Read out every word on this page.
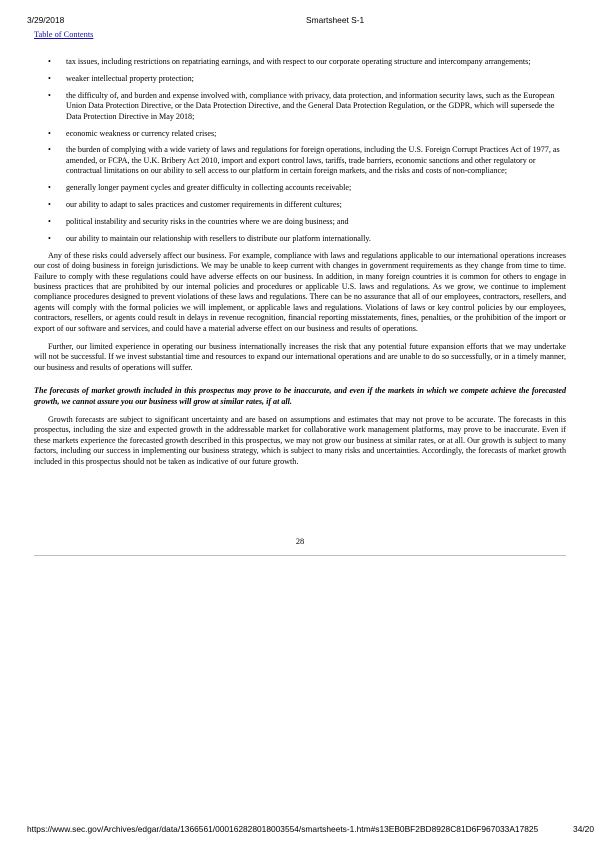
3/29/2018	Smartsheet S-1
Table of Contents
• tax issues, including restrictions on repatriating earnings, and with respect to our corporate operating structure and intercompany arrangements;
• weaker intellectual property protection;
• the difficulty of, and burden and expense involved with, compliance with privacy, data protection, and information security laws, such as the European Union Data Protection Directive, or the Data Protection Directive, and the General Data Protection Regulation, or the GDPR, which will supersede the Data Protection Directive in May 2018;
• economic weakness or currency related crises;
• the burden of complying with a wide variety of laws and regulations for foreign operations, including the U.S. Foreign Corrupt Practices Act of 1977, as amended, or FCPA, the U.K. Bribery Act 2010, import and export control laws, tariffs, trade barriers, economic sanctions and other regulatory or contractual limitations on our ability to sell access to our platform in certain foreign markets, and the risks and costs of non-compliance;
• generally longer payment cycles and greater difficulty in collecting accounts receivable;
• our ability to adapt to sales practices and customer requirements in different cultures;
• political instability and security risks in the countries where we are doing business; and
• our ability to maintain our relationship with resellers to distribute our platform internationally.

Any of these risks could adversely affect our business. For example, compliance with laws and regulations applicable to our international operations increases our cost of doing business in foreign jurisdictions. We may be unable to keep current with changes in government requirements as they change from time to time. Failure to comply with these regulations could have adverse effects on our business. In addition, in many foreign countries it is common for others to engage in business practices that are prohibited by our internal policies and procedures or applicable U.S. laws and regulations. As we grow, we continue to implement compliance procedures designed to prevent violations of these laws and regulations. There can be no assurance that all of our employees, contractors, resellers, and agents will comply with the formal policies we will implement, or applicable laws and regulations. Violations of laws or key control policies by our employees, contractors, resellers, or agents could result in delays in revenue recognition, financial reporting misstatements, fines, penalties, or the prohibition of the import or export of our software and services, and could have a material adverse effect on our business and results of operations.

Further, our limited experience in operating our business internationally increases the risk that any potential future expansion efforts that we may undertake will not be successful. If we invest substantial time and resources to expand our international operations and are unable to do so successfully, or in a timely manner, our business and results of operations will suffer.

The forecasts of market growth included in this prospectus may prove to be inaccurate, and even if the markets in which we compete achieve the forecasted growth, we cannot assure you our business will grow at similar rates, if at all.

Growth forecasts are subject to significant uncertainty and are based on assumptions and estimates that may not prove to be accurate. The forecasts in this prospectus, including the size and expected growth in the addressable market for collaborative work management platforms, may prove to be inaccurate. Even if these markets experience the forecasted growth described in this prospectus, we may not grow our business at similar rates, or at all. Our growth is subject to many factors, including our success in implementing our business strategy, which is subject to many risks and uncertainties. Accordingly, the forecasts of market growth included in this prospectus should not be taken as indicative of our future growth.

28
https://www.sec.gov/Archives/edgar/data/1366561/000162828018003554/smartsheets-1.htm#s13EB0BF2BD8928C81D6F967033A17825	34/20
